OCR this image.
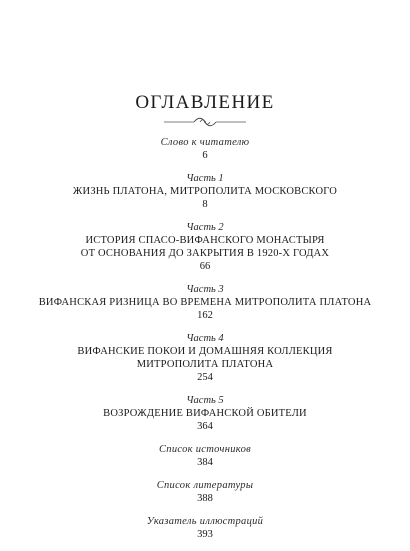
ОГЛАВЛЕНИЕ
Слово к читателю
6
Часть 1
ЖИЗНЬ ПЛАТОНА, МИТРОПОЛИТА МОСКОВСКОГО
8
Часть 2
ИСТОРИЯ СПАСО-ВИФАНСКОГО МОНАСТЫРЯ
ОТ ОСНОВАНИЯ ДО ЗАКРЫТИЯ В 1920-Х ГОДАХ
66
Часть 3
ВИФАНСКАЯ РИЗНИЦА ВО ВРЕМЕНА МИТРОПОЛИТА ПЛАТОНА
162
Часть 4
ВИФАНСКИЕ ПОКОИ И ДОМАШНЯЯ КОЛЛЕКЦИЯ
МИТРОПОЛИТА ПЛАТОНА
254
Часть 5
ВОЗРОЖДЕНИЕ ВИФАНСКОЙ ОБИТЕЛИ
364
Список источников
384
Список литературы
388
Указатель иллюстраций
393
